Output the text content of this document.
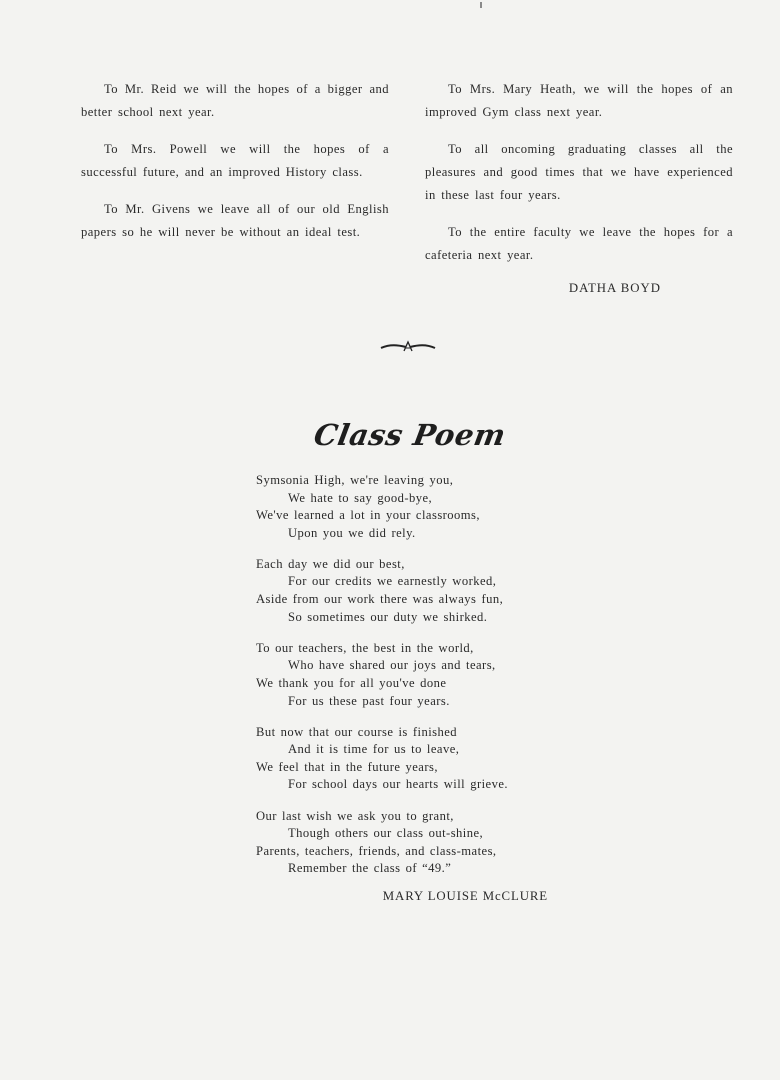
To Mr. Reid we will the hopes of a bigger and better school next year.

To Mrs. Powell we will the hopes of a successful future, and an improved History class.

To Mr. Givens we leave all of our old English papers so he will never be without an ideal test.

To Mrs. Mary Heath, we will the hopes of an improved Gym class next year.

To all oncoming graduating classes all the pleasures and good times that we have experienced in these last four years.

To the entire faculty we leave the hopes for a cafeteria next year.

DATHA BOYD
Class Poem
Symsonia High, we're leaving you,
We hate to say good-bye,
We've learned a lot in your classrooms,
Upon you we did rely.
Each day we did our best,
For our credits we earnestly worked,
Aside from our work there was always fun,
So sometimes our duty we shirked.
To our teachers, the best in the world,
Who have shared our joys and tears,
We thank you for all you've done
For us these past four years.
But now that our course is finished
And it is time for us to leave,
We feel that in the future years,
For school days our hearts will grieve.
Our last wish we ask you to grant,
Though others our class out-shine,
Parents, teachers, friends, and class-mates,
Remember the class of “49.”
MARY LOUISE McCLURE
